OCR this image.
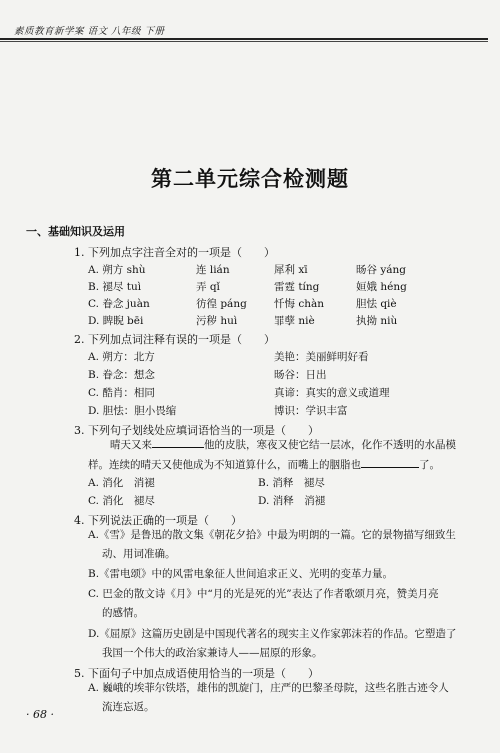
素质教育新学案 语文 八年级 下册
第二单元综合检测题
一、基础知识及运用
1. 下列加点字注音全对的一项是（　　）
A. 朔方 shù	连 lián	犀利 xī	旸谷 yáng
B. 褪尽 tuì	弄 qǐ	雷霆 tíng	姮娥 héng
C. 眷念 juàn	彷徨 páng	忏悔 chàn	胆怯 qiè
D. 睥睨 bēi	污秽 huì	罪孽 niè	执拗 niù
2. 下列加点词注释有误的一项是（　　）
A. 朔方：北方	美艳：美丽鲜明好看
B. 眷念：想念	旸谷：日出
C. 酷肖：相同	真谛：真实的意义或道理
D. 胆怯：胆小畏缩	博识：学识丰富
3. 下列句子划线处应填词语恰当的一项是（　　）
晴天又来	他的皮肤，寒夜又使它结一层冰，化作不透明的水晶模
样。连续的晴天又使他成为不知道算什么，而嘴上的胭脂也	了。
A. 消化　消褪	B. 消释　褪尽
C. 消化　褪尽	D. 消释　消褪
4. 下列说法正确的一项是（　　）
A.《雪》是鲁迅的散文集《朝花夕拾》中最为明朗的一篇。它的景物描写细致生
动、用词准确。
B.《雷电颂》中的风雷电象征人世间追求正义、光明的变革力量。
C. 巴金的散文诗《月》中“月的光是死的光”表达了作者歌颂月亮，赞美月亮
的感情。
D.《屈原》这篇历史剧是中国现代著名的现实主义作家郭沫若的作品。它塑造了
我国一个伟大的政治家兼诗人——屈原的形象。
5. 下面句子中加点成语使用恰当的一项是（　　）
A. 巍峨的埃菲尔铁塔，雄伟的凯旋门，庄严的巴黎圣母院，这些名胜古迹令人
流连忘返。
· 68 ·
